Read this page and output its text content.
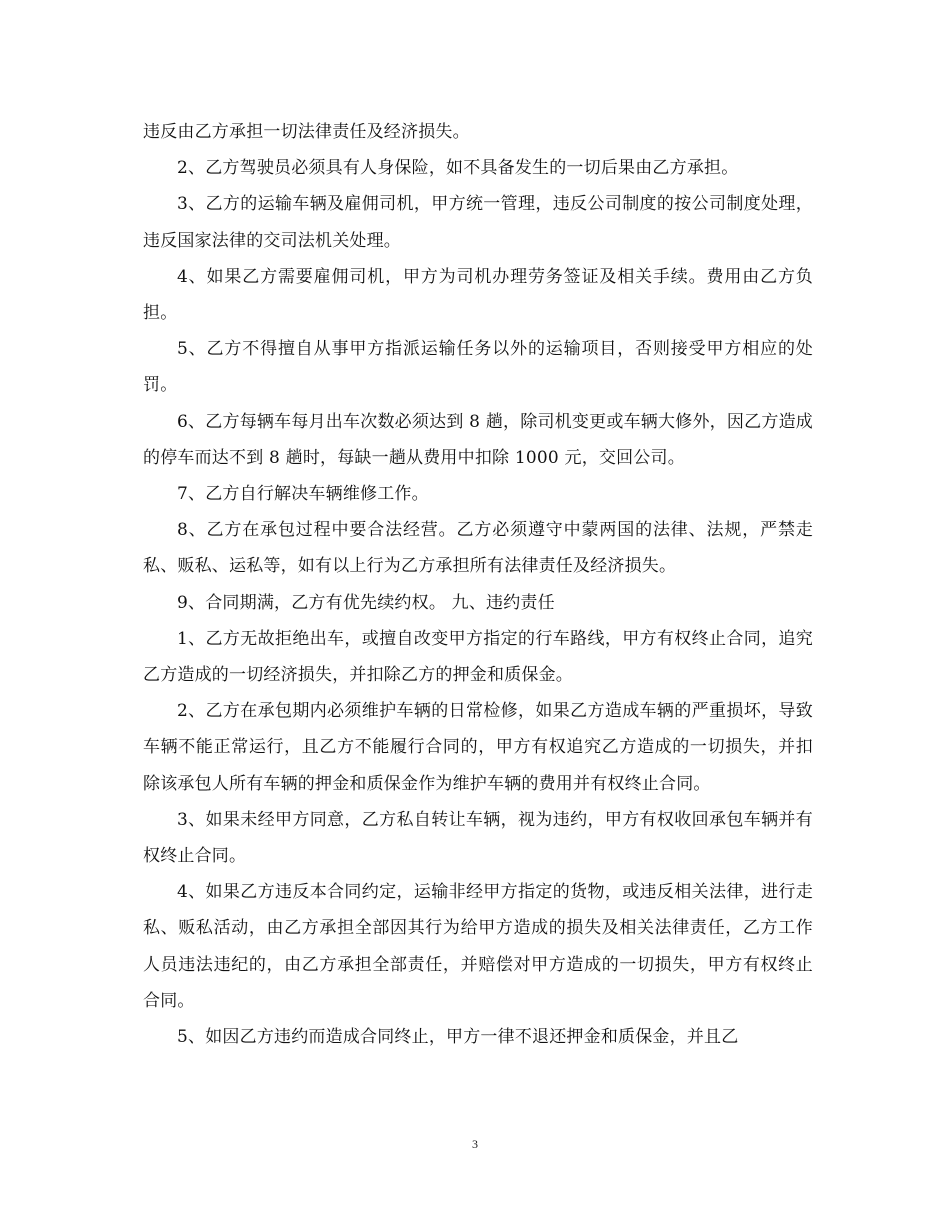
违反由乙方承担一切法律责任及经济损失。

2、乙方驾驶员必须具有人身保险，如不具备发生的一切后果由乙方承担。

3、乙方的运输车辆及雇佣司机，甲方统一管理，违反公司制度的按公司制度处理，违反国家法律的交司法机关处理。

4、如果乙方需要雇佣司机，甲方为司机办理劳务签证及相关手续。费用由乙方负担。

5、乙方不得擅自从事甲方指派运输任务以外的运输项目，否则接受甲方相应的处罚。

6、乙方每辆车每月出车次数必须达到 8 趟，除司机变更或车辆大修外，因乙方造成的停车而达不到 8 趟时，每缺一趟从费用中扣除 1000 元，交回公司。

7、乙方自行解决车辆维修工作。

8、乙方在承包过程中要合法经营。乙方必须遵守中蒙两国的法律、法规，严禁走私、贩私、运私等，如有以上行为乙方承担所有法律责任及经济损失。

9、合同期满，乙方有优先续约权。 九、违约责任

1、乙方无故拒绝出车，或擅自改变甲方指定的行车路线，甲方有权终止合同，追究乙方造成的一切经济损失，并扣除乙方的押金和质保金。

2、乙方在承包期内必须维护车辆的日常检修，如果乙方造成车辆的严重损坏，导致车辆不能正常运行，且乙方不能履行合同的，甲方有权追究乙方造成的一切损失，并扣除该承包人所有车辆的押金和质保金作为维护车辆的费用并有权终止合同。

3、如果未经甲方同意，乙方私自转让车辆，视为违约，甲方有权收回承包车辆并有权终止合同。

4、如果乙方违反本合同约定，运输非经甲方指定的货物，或违反相关法律，进行走私、贩私活动，由乙方承担全部因其行为给甲方造成的损失及相关法律责任，乙方工作人员违法违纪的，由乙方承担全部责任，并赔偿对甲方造成的一切损失，甲方有权终止合同。

5、如因乙方违约而造成合同终止，甲方一律不退还押金和质保金，并且乙

3
